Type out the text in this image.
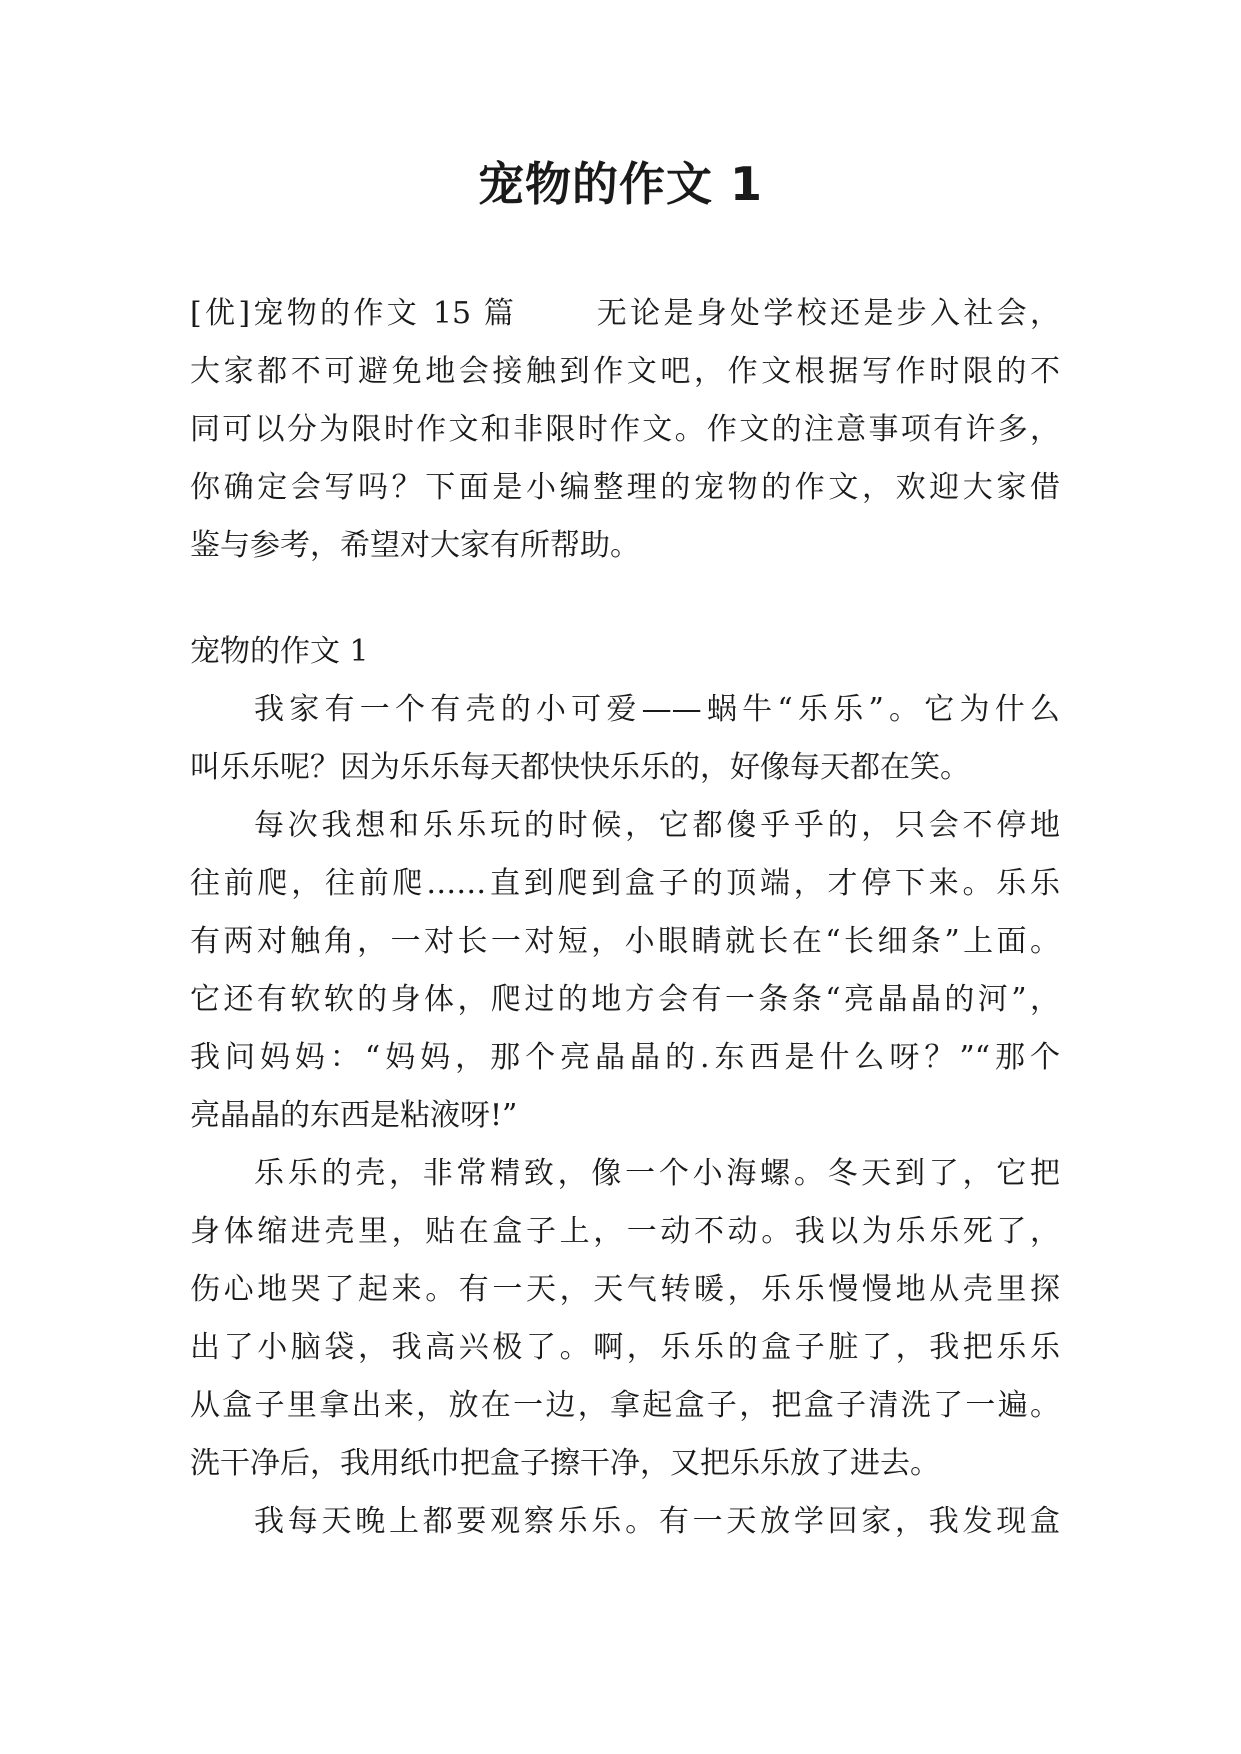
宠物的作文 1
[优]宠物的作文 15 篇　　 无论是身处学校还是步入社会，
大家都不可避免地会接触到作文吧，作文根据写作时限的不
同可以分为限时作文和非限时作文。作文的注意事项有许多，
你确定会写吗？下面是小编整理的宠物的作文，欢迎大家借
鉴与参考，希望对大家有所帮助。
宠物的作文 1
我家有一个有壳的小可爱——蜗牛“乐乐”。它为什么
叫乐乐呢？因为乐乐每天都快快乐乐的，好像每天都在笑。
每次我想和乐乐玩的时候，它都傻乎乎的，只会不停地
往前爬，往前爬……直到爬到盒子的顶端，才停下来。乐乐
有两对触角，一对长一对短，小眼睛就长在“长细条”上面。
它还有软软的身体，爬过的地方会有一条条“亮晶晶的河”，
我问妈妈：“妈妈，那个亮晶晶的.东西是什么呀？”“那个
亮晶晶的东西是粘液呀!”
乐乐的壳，非常精致，像一个小海螺。冬天到了，它把
身体缩进壳里，贴在盒子上，一动不动。我以为乐乐死了，
伤心地哭了起来。有一天，天气转暖，乐乐慢慢地从壳里探
出了小脑袋，我高兴极了。啊，乐乐的盒子脏了，我把乐乐
从盒子里拿出来，放在一边，拿起盒子，把盒子清洗了一遍。
洗干净后，我用纸巾把盒子擦干净，又把乐乐放了进去。
我每天晚上都要观察乐乐。有一天放学回家，我发现盒
